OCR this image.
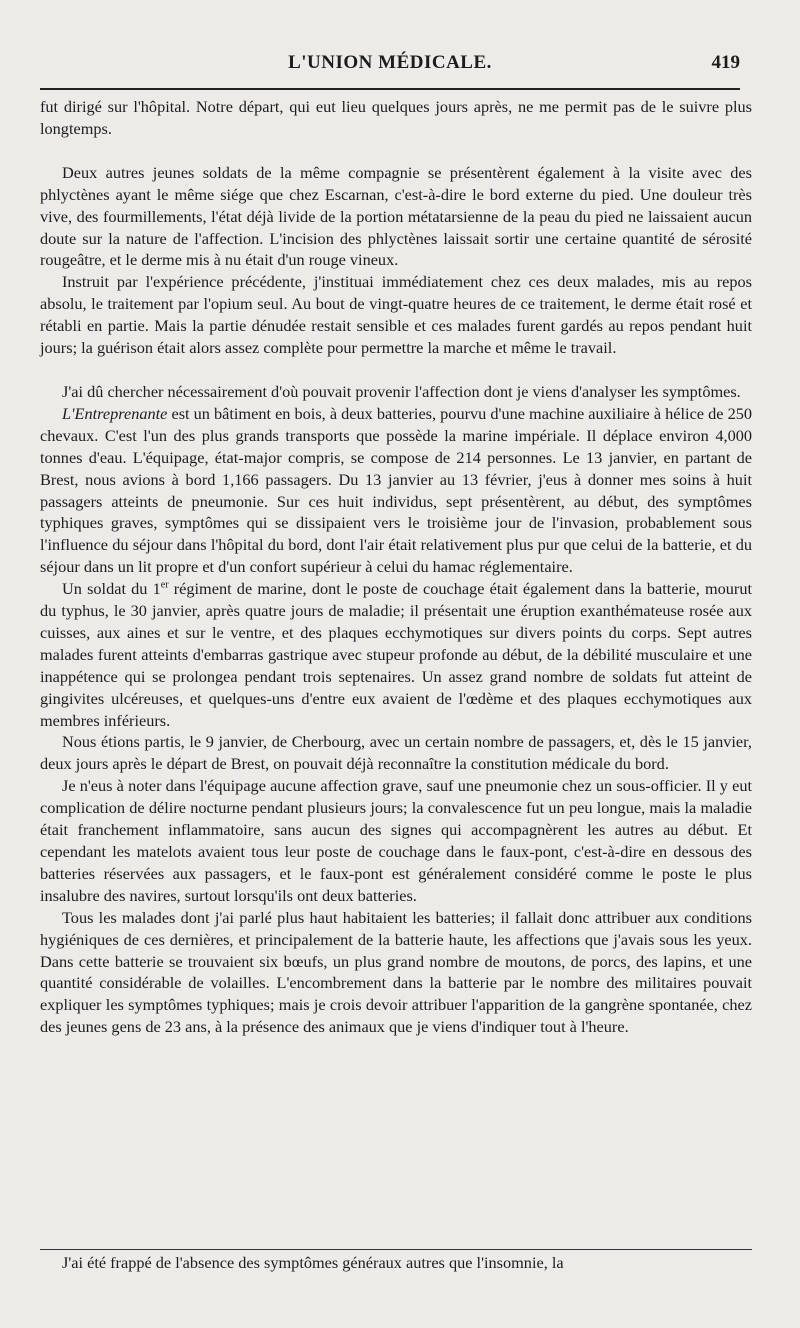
L'UNION MÉDICALE.	419

fut dirigé sur l'hôpital. Notre départ, qui eut lieu quelques jours après, ne me permit pas de le suivre plus longtemps.

Deux autres jeunes soldats de la même compagnie se présentèrent également à la visite avec des phlyctènes ayant le même siége que chez Escarnan, c'est-à-dire le bord externe du pied. Une douleur très vive, des fourmillements, l'état déjà livide de la portion métatarsienne de la peau du pied ne laissaient aucun doute sur la nature de l'affection. L'incision des phlyctènes laissait sortir une certaine quantité de sérosité rougeâtre, et le derme mis à nu était d'un rouge vineux.

Instruit par l'expérience précédente, j'instituai immédiatement chez ces deux malades, mis au repos absolu, le traitement par l'opium seul. Au bout de vingt-quatre heures de ce traitement, le derme était rosé et rétabli en partie. Mais la partie dénudée restait sensible et ces malades furent gardés au repos pendant huit jours; la guérison était alors assez complète pour permettre la marche et même le travail.

J'ai dû chercher nécessairement d'où pouvait provenir l'affection dont je viens d'analyser les symptômes.

L'Entreprenante est un bâtiment en bois, à deux batteries, pourvu d'une machine auxiliaire à hélice de 250 chevaux. C'est l'un des plus grands transports que possède la marine impériale. Il déplace environ 4,000 tonnes d'eau. L'équipage, état-major compris, se compose de 214 personnes. Le 13 janvier, en partant de Brest, nous avions à bord 1,166 passagers. Du 13 janvier au 13 février, j'eus à donner mes soins à huit passagers atteints de pneumonie. Sur ces huit individus, sept présentèrent, au début, des symptômes typhiques graves, symptômes qui se dissipaient vers le troisième jour de l'invasion, probablement sous l'influence du séjour dans l'hôpital du bord, dont l'air était relativement plus pur que celui de la batterie, et du séjour dans un lit propre et d'un confort supérieur à celui du hamac réglementaire.

Un soldat du 1er régiment de marine, dont le poste de couchage était également dans la batterie, mourut du typhus, le 30 janvier, après quatre jours de maladie; il présentait une éruption exanthémateuse rosée aux cuisses, aux aines et sur le ventre, et des plaques ecchymotiques sur divers points du corps. Sept autres malades furent atteints d'embarras gastrique avec stupeur profonde au début, de la débilité musculaire et une inappétence qui se prolongea pendant trois septenaires. Un assez grand nombre de soldats fut atteint de gingivites ulcéreuses, et quelques-uns d'entre eux avaient de l'œdème et des plaques ecchymotiques aux membres inférieurs.

Nous étions partis, le 9 janvier, de Cherbourg, avec un certain nombre de passagers, et, dès le 15 janvier, deux jours après le départ de Brest, on pouvait déjà reconnaître la constitution médicale du bord.

Je n'eus à noter dans l'équipage aucune affection grave, sauf une pneumonie chez un sous-officier. Il y eut complication de délire nocturne pendant plusieurs jours; la convalescence fut un peu longue, mais la maladie était franchement inflammatoire, sans aucun des signes qui accompagnèrent les autres au début. Et cependant les matelots avaient tous leur poste de couchage dans le faux-pont, c'est-à-dire en dessous des batteries réservées aux passagers, et le faux-pont est généralement considéré comme le poste le plus insalubre des navires, surtout lorsqu'ils ont deux batteries.

Tous les malades dont j'ai parlé plus haut habitaient les batteries; il fallait donc attribuer aux conditions hygiéniques de ces dernières, et principalement de la batterie haute, les affections que j'avais sous les yeux. Dans cette batterie se trouvaient six bœufs, un plus grand nombre de moutons, de porcs, des lapins, et une quantité considérable de volailles. L'encombrement dans la batterie par le nombre des militaires pouvait expliquer les symptômes typhiques; mais je crois devoir attribuer l'apparition de la gangrène spontanée, chez des jeunes gens de 23 ans, à la présence des animaux que je viens d'indiquer tout à l'heure.

J'ai été frappé de l'absence des symptômes généraux autres que l'insomnie, la
